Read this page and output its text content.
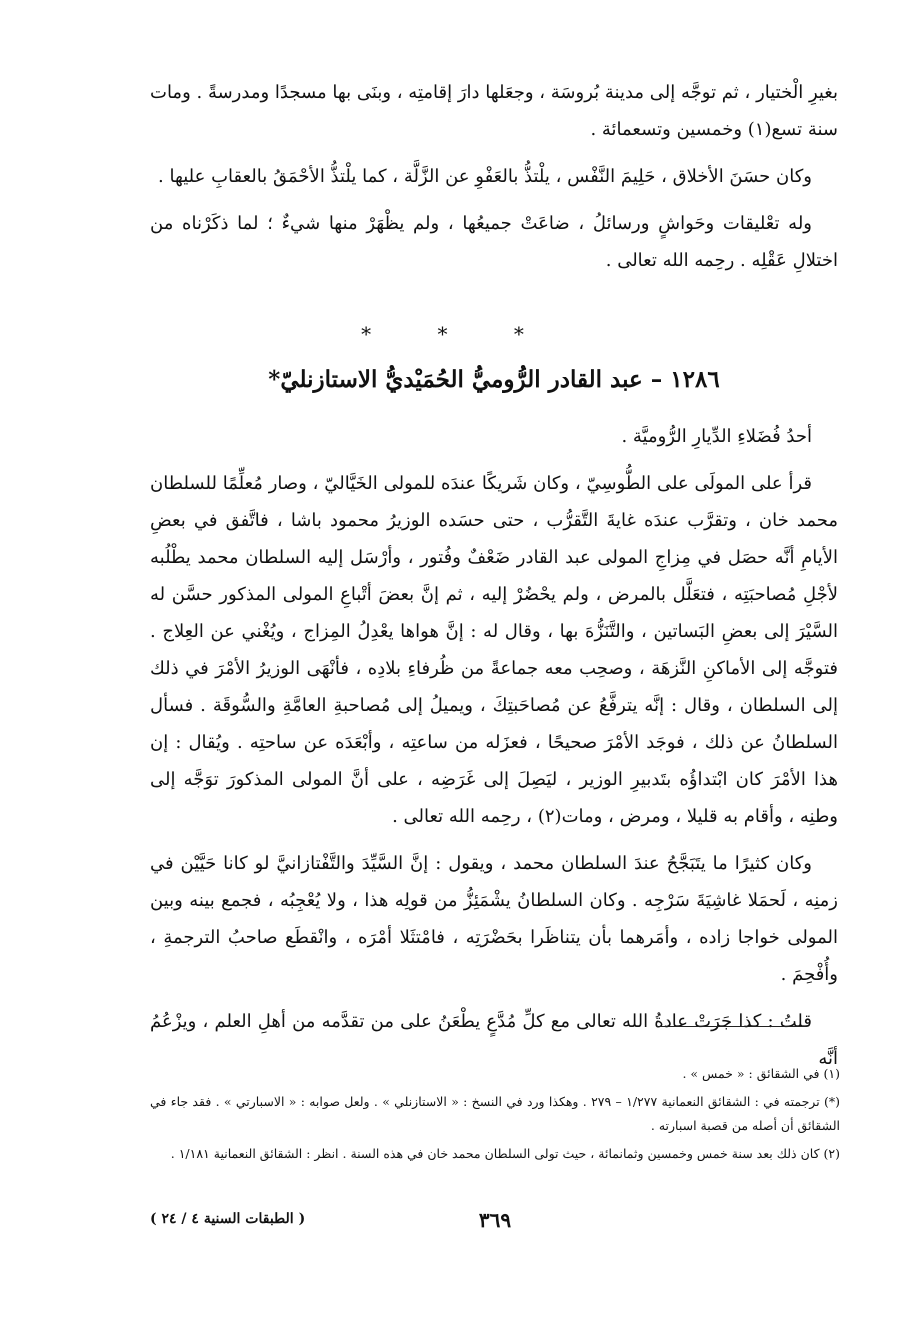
بغيرِ الْختيار ، ثم توجَّه إلى مدينة بُروسَة ، وجعَلها دارَ إقامتِه ، وبنَى بها مسجدًا ومدرسةً . ومات سنة تسع(١) وخمسين وتسعمائة .

وكان حسَنَ الأخلاق ، حَلِيمَ النَّفْس ، يلْتذُّ بالعَفْوِ عن الزَّلَّة ، كما يلْتذُّ الأحْمَقُ بالعقابِ عليها .

وله تعْليقات وحَواشٍ ورسائلُ ، ضاعَتْ جميعُها ، ولم يظْهَرْ منها شيءٌ ؛ لما ذكَرْناه من اختلالِ عَقْلِه . رحِمه الله تعالى .

* * *
١٢٨٦ – عبد القادر الرُّوميُّ الحُمَيْديُّ الاستازنليّ*

أحدُ فُضَلاءِ الدِّيارِ الرُّوميَّة .

قرأ على المولَى على الطُّوسِيّ ، وكان شَريكًا عندَه للمولى الخَيَّاليّ ، وصار مُعلِّمًا للسلطان محمد خان ، وتقرَّب عندَه غايةَ التَّقرُّب ، حتى حسَده الوزيرُ محمود باشا ، فاتَّفق في بعضِ الأيامِ أنَّه حصَل في مِزاجِ المولى عبد القادر ضَعْفٌ وفُتور ، وأرْسَل إليه السلطان محمد يطْلُبه لأجْلِ مُصاحبَتِه ، فتعَلَّل بالمرض ، ولم يحْضُرْ إليه ، ثم إنَّ بعضَ أتْباعِ المولى المذكور حسَّن له السَّيْرَ إلى بعضِ البَساتين ، والتَّنَزُّهَ بها ، وقال له : إنَّ هواها يعْدِلُ المِزاج ، ويُغْني عن العِلاج . فتوجَّه إلى الأماكنِ النَّزهَة ، وصحِب معه جماعةً من ظُرفاءِ بلادِه ، فأنْهَى الوزيرُ الأمْرَ في ذلك إلى السلطان ، وقال : إنَّه يترفَّعُ عن مُصاحَبتِكَ ، ويميلُ إلى مُصاحبةِ العامَّةِ والسُّوقَة . فسأل السلطانُ عن ذلك ، فوجَد الأمْرَ صحيحًا ، فعزَله من ساعتِه ، وأبْعَدَه عن ساحتِه . ويُقال : إن هذا الأمْرَ كان ابْتداؤُه بتَدبيرِ الوزير ، ليَصِلَ إلى غَرَضِه ، على أنَّ المولى المذكورَ توَجَّه إلى وطنِه ، وأقام به قليلا ، ومرض ، ومات(٢) ، رحِمه الله تعالى .

وكان كثيرًا ما يتَبَجَّحُ عندَ السلطان محمد ، ويقول : إنَّ السَّيِّدَ والتَّفْتازانيَّ لو كانا حَيَّيْن في زمنِه ، لَحمَلا غاشِيَةَ سَرْجِه . وكان السلطانُ يشْمَئِزُّ من قولِه هذا ، ولا يُعْجِبُه ، فجمع بينه وبين المولى خواجا زاده ، وأمَرهما بأن يتناظَرا بحَضْرَتِه ، فامْتثَلا أمْرَه ، وانْقطَع صاحبُ الترجمةِ ، وأُفْحِمَ .

قلتُ : كذا جَرَتْ عادةُ الله تعالى مع كلِّ مُدَّعٍ يطْعَنُ على من تقدَّمه من أهلِ العلم ، ويزْعُمُ أنَّه

(١) في الشقائق : « خمس » .

(*) ترجمته في : الشقائق النعمانية ١/٢٧٧ – ٢٧٩ . وهكذا ورد في النسخ : « الاستازنلي » . ولعل صوابه : « الاسبارتي » . فقد جاء في الشقائق أن أصله من قصبة اسبارته .

(٢) كان ذلك بعد سنة خمس وخمسين وثمانمائة ، حيث تولى السلطان محمد خان في هذه السنة . انظر : الشقائق النعمانية ١/١٨١ .

٣٦٩
( الطبقات السنية ٤ / ٢٤ )
